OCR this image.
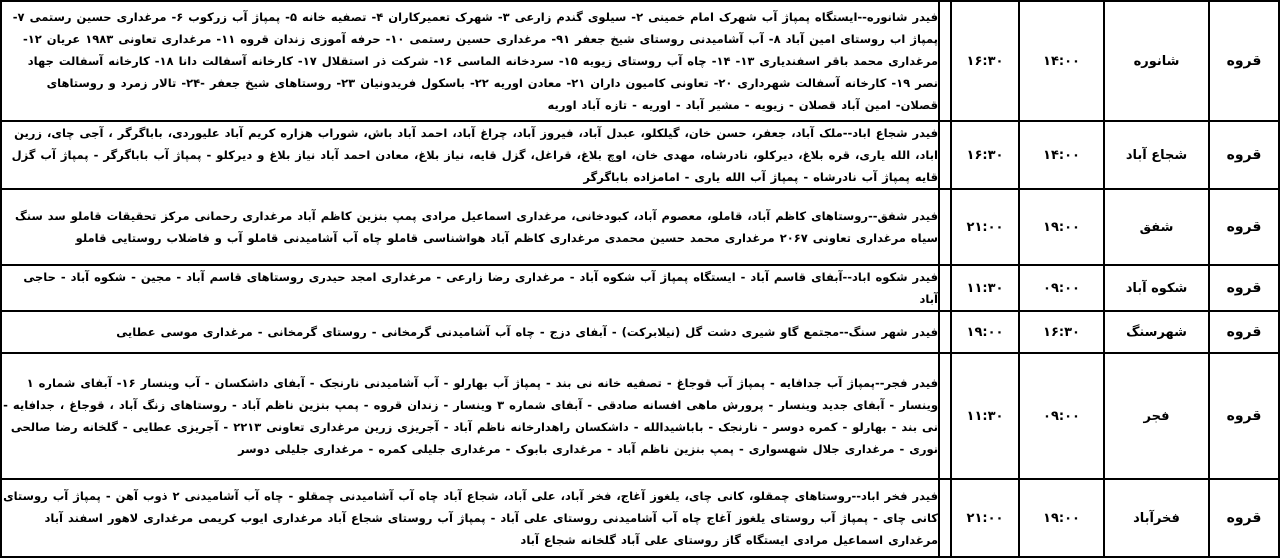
قروه	شانوره	۱۴:۰۰	۱۶:۳۰		فیدر شانوره--ایستگاه پمپاژ آب شهرک امام خمینی ۲- سیلوی گندم زارعی ۳- شهرک تعمیرکاران ۴- تصفیه خانه ۵- پمپاژ آب زرکوب ۶- مرغداری حسین رستمی ۷- پمپاژ اب روستای امین آباد ۸- آب آشامیدنی روستای شیخ جعفر ۹۱- مرغداری حسین رستمی ۱۰- حرفه آموزی زندان قروه ۱۱- مرغداری تعاونی ۱۹۸۳ عریان ۱۲- مرغداری محمد باقر اسفندیاری ۱۳- ۱۴- چاه آب روستای زیویه ۱۵- سردخانه الماسی ۱۶- شرکت ذر استقلال ۱۷- کارخانه آسفالت دانا ۱۸- کارخانه آسفالت جهاد نصر ۱۹- کارخانه آسفالت شهرداری ۲۰- تعاونی کامیون داران ۲۱- معادن اوریه ۲۲- باسکول فریدونیان ۲۳- روستاهای شیخ جعفر -۲۴- تالار زمرد و روستاهای قصلان- امین آباد قصلان - زیویه - مشیر آباد - اوریه - تازه آباد اوریه
قروه	شجاع آباد	۱۴:۰۰	۱۶:۳۰		فیدر شجاع اباد--ملک آباد، جعفر، حسن خان، گیلکلو، عبدل آباد، فیروز آباد، چراغ آباد، احمد آباد باش، شوراب هزاره کریم آباد علیوردی، باباگرگر ، آجی چای، زرین اباد، الله یاری، قره بلاغ، دیرکلو، نادرشاه، مهدی خان، اوچ بلاغ، قراغل، گزل قایه، نیاز بلاغ، معادن احمد آباد نیاز بلاغ و دیرکلو - پمپاژ آب باباگرگر - پمپاژ آب گزل قایه پمپاژ آب نادرشاه - پمپاژ آب الله یاری - امامزاده باباگرگر
قروه	شفق	۱۹:۰۰	۲۱:۰۰		فیدر شفق--روستاهای کاظم آباد، قاملو، معصوم آباد، کبودخانی، مرغداری اسماعیل مرادی پمپ بنزین کاظم آباد مرغداری رحمانی مرکز تحقیقات قاملو سد سنگ سیاه مرغداری تعاونی ۲۰۶۷ مرغداری محمد حسین محمدی مرغداری کاظم آباد هواشناسی قاملو چاه آب آشامیدنی قاملو آب و فاضلاب روستایی قاملو
قروه	شکوه آباد	۰۹:۰۰	۱۱:۳۰		فیدر شکوه اباد--آبفای قاسم آباد - ایستگاه پمپاژ آب شکوه آباد - مرغداری رضا زارعی - مرغداری امجد حیدری روستاهای قاسم آباد - مجین - شکوه آباد - حاجی آباد
قروه	شهرسنگ	۱۶:۳۰	۱۹:۰۰		فیدر شهر سنگ--مجتمع گاو شیری دشت گل (نیلابرکت) - آبفای دزج - چاه آب آشامیدنی گرمخانی - روستای گرمخانی - مرغداری موسی عطایی
قروه	فجر	۰۹:۰۰	۱۱:۳۰		فیدر فجر--پمپاژ آب جدافایه - پمپاژ آب قوجاغ - تصفیه خانه نی بند - پمپاژ آب بهارلو - آب آشامیدنی نارنجک - آبفای داشکسان - آب وینسار ۱۶- آبفای شماره ۱ وینسار - آبفای جدید وینسار - پرورش ماهی افسانه صادقی - آبفای شماره ۳ وینسار - زندان قروه - پمپ بنزین ناظم آباد - روستاهای زنگ آباد ، قوجاغ ، جدافایه - نی بند - بهارلو - کمره دوسر - نارنجک - باباشیدالله - داشکسان راهدارخانه ناظم آباد - آجریزی زرین مرغداری تعاونی ۲۲۱۳ - آجریزی عطایی - گلخانه رضا صالحی نوری - مرغداری جلال شهسواری - پمپ بنزین ناظم آباد - مرغداری بابوک - مرغداری جلیلی کمره - مرغداری جلیلی دوسر
قروه	فخرآباد	۱۹:۰۰	۲۱:۰۰		فیدر فخر اباد--روستاهای چمقلو، کانی چای، یلغوز آغاج، فخر آباد، علی آباد، شجاع آباد چاه آب آشامیدنی چمقلو - چاه آب آشامیدنی ۲ ذوب آهن - پمپاژ آب روستای کانی چای - پمپاژ آب روستای یلغوز آغاج چاه آب آشامیدنی روستای علی آباد - پمپاژ آب روستای شجاع آباد مرغداری ایوب کریمی مرغداری لاهور اسفند آباد مرغداری اسماعیل مرادی ایستگاه گاز روستای علی آباد گلخانه شجاع آباد
